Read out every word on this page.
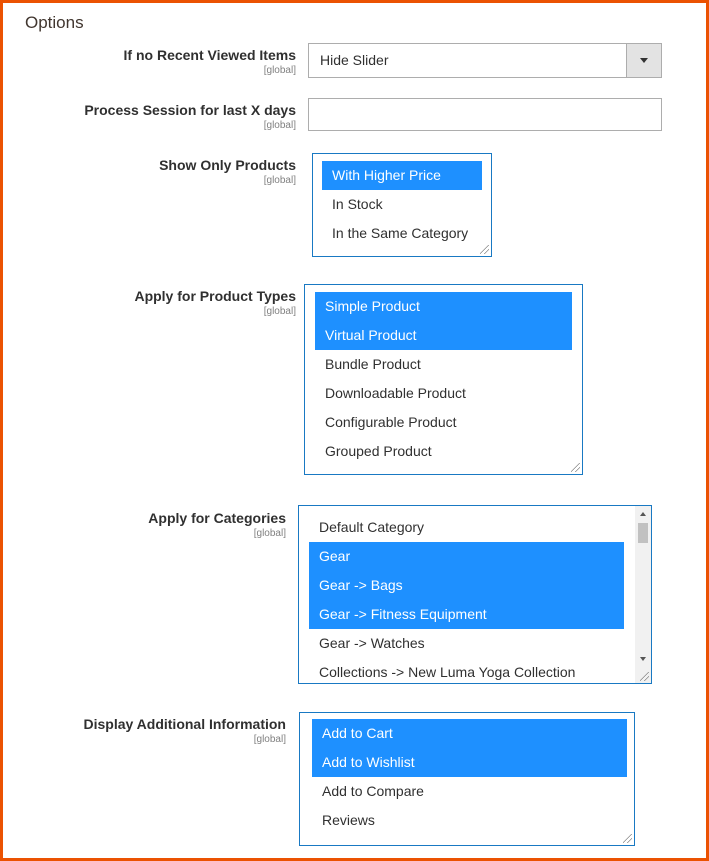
Options
If no Recent Viewed Items
[global]
Hide Slider
Process Session for last X days
[global]
Show Only Products
[global]
In the Same Category
In Stock
With Higher Price
Apply for Product Types
[global]
Grouped Product
Configurable Product
Downloadable Product
Bundle Product
Virtual Product
Simple Product
Apply for Categories
[global]
Collections -> New Luma Yoga Collection
Gear -> Watches
Gear -> Fitness Equipment
Gear -> Bags
Gear
Default Category
Display Additional Information
[global]
Reviews
Add to Compare
Add to Wishlist
Add to Cart
